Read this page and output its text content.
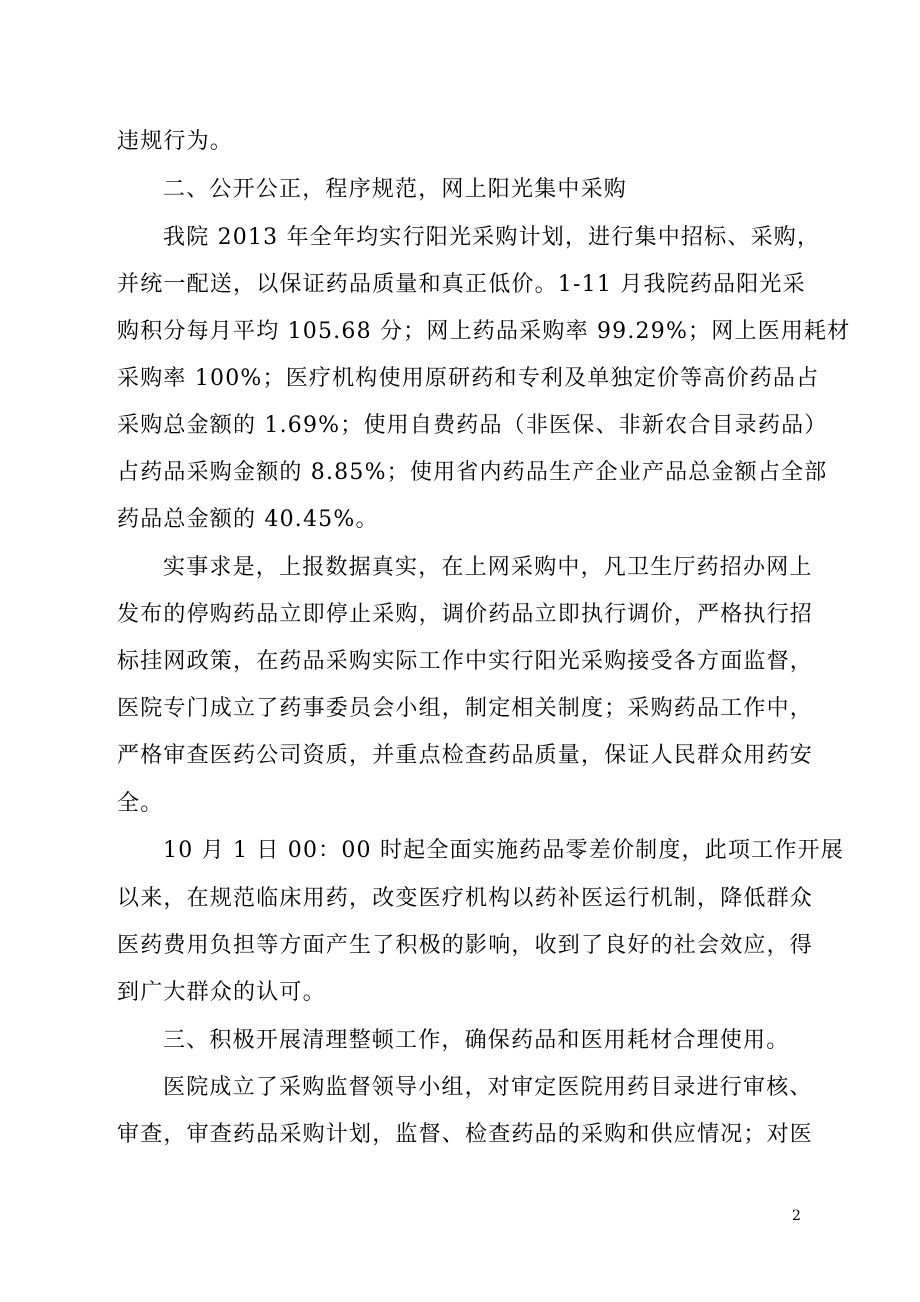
违规行为。
二、公开公正，程序规范，网上阳光集中采购
我院 2013 年全年均实行阳光采购计划，进行集中招标、采购，
并统一配送，以保证药品质量和真正低价。1-11 月我院药品阳光采
购积分每月平均 105.68 分；网上药品采购率 99.29%；网上医用耗材
采购率 100%；医疗机构使用原研药和专利及单独定价等高价药品占
采购总金额的 1.69%；使用自费药品（非医保、非新农合目录药品）
占药品采购金额的 8.85%；使用省内药品生产企业产品总金额占全部
药品总金额的 40.45%。
实事求是，上报数据真实，在上网采购中，凡卫生厅药招办网上
发布的停购药品立即停止采购，调价药品立即执行调价，严格执行招
标挂网政策，在药品采购实际工作中实行阳光采购接受各方面监督，
医院专门成立了药事委员会小组，制定相关制度；采购药品工作中，
严格审查医药公司资质，并重点检查药品质量，保证人民群众用药安
全。
10 月 1 日 00：00 时起全面实施药品零差价制度，此项工作开展
以来，在规范临床用药，改变医疗机构以药补医运行机制，降低群众
医药费用负担等方面产生了积极的影响，收到了良好的社会效应，得
到广大群众的认可。
三、积极开展清理整顿工作，确保药品和医用耗材合理使用。
医院成立了采购监督领导小组，对审定医院用药目录进行审核、
审查，审查药品采购计划，监督、检查药品的采购和供应情况；对医
2
